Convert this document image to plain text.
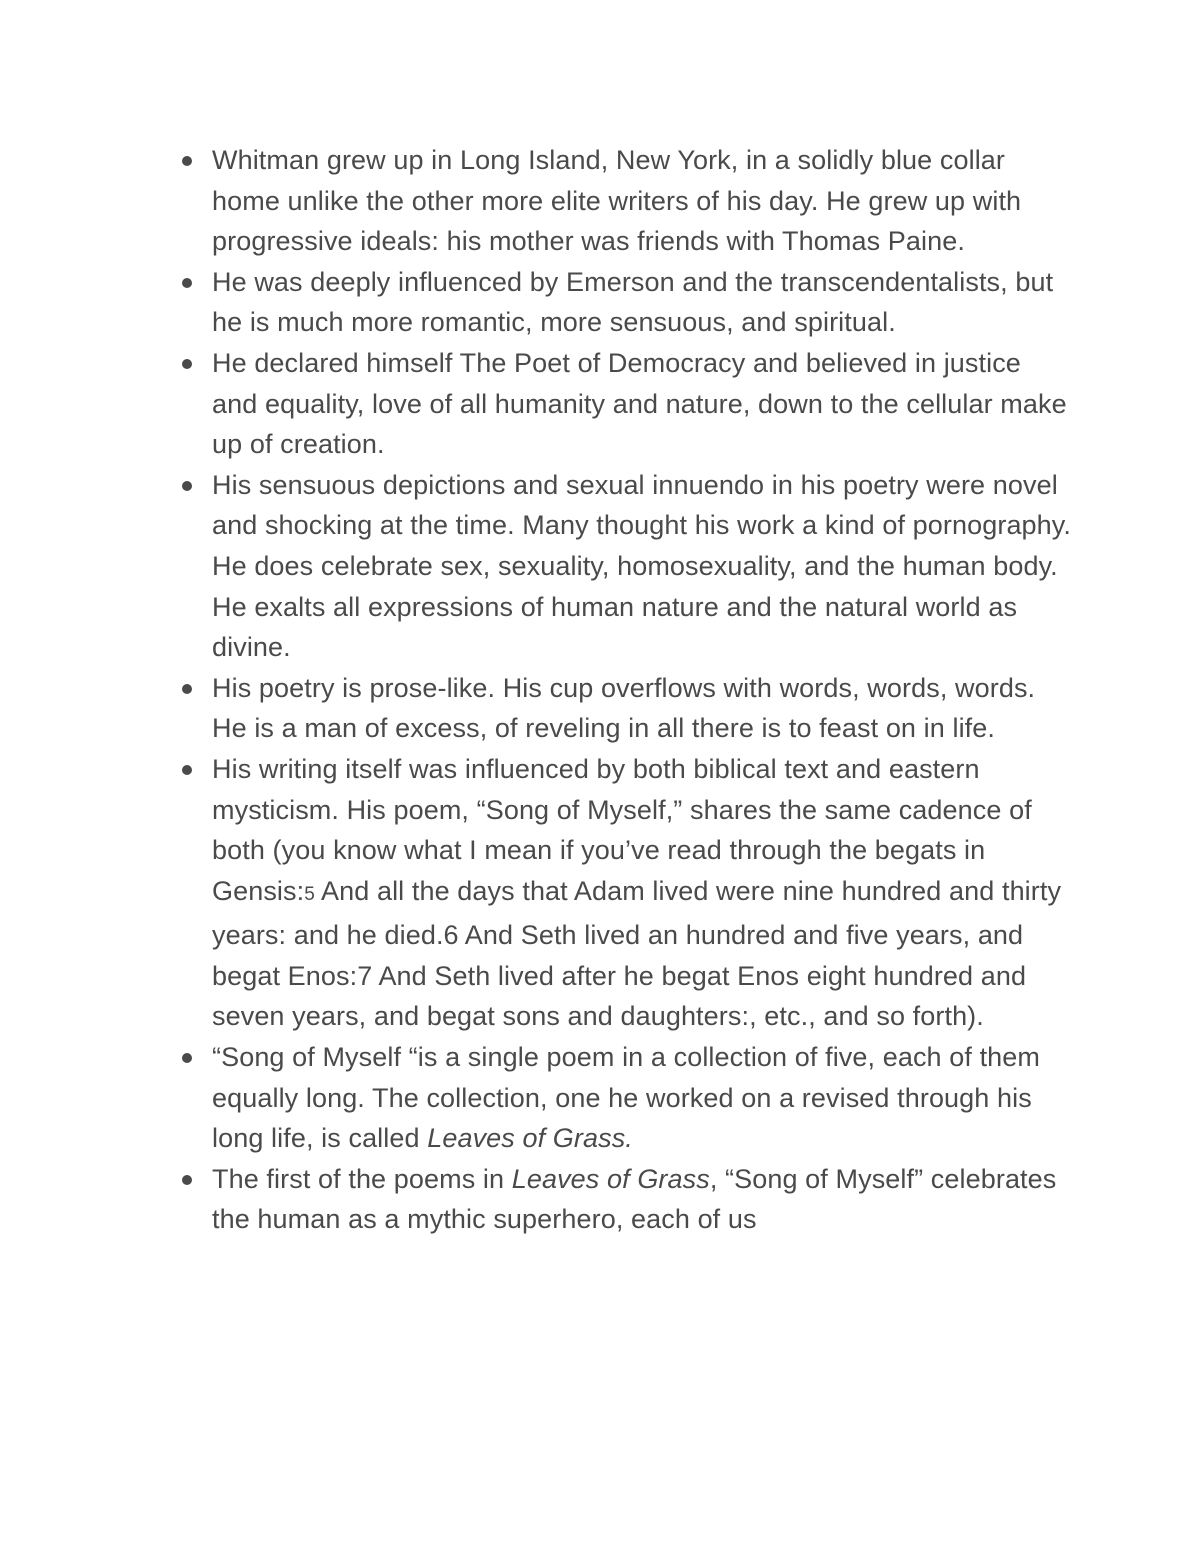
Whitman grew up in Long Island, New York, in a solidly blue collar home unlike the other more elite writers of his day. He grew up with progressive ideals: his mother was friends with Thomas Paine.
He was deeply influenced by Emerson and the transcendentalists, but he is much more romantic, more sensuous, and spiritual.
He declared himself The Poet of Democracy and believed in justice and equality, love of all humanity and nature, down to the cellular make up of creation.
His sensuous depictions and sexual innuendo in his poetry were novel and shocking at the time. Many thought his work a kind of pornography. He does celebrate sex, sexuality, homosexuality, and the human body. He exalts all expressions of human nature and the natural world as divine.
His poetry is prose-like. His cup overflows with words, words, words. He is a man of excess, of reveling in all there is to feast on in life.
His writing itself was influenced by both biblical text and eastern mysticism. His poem, “Song of Myself,” shares the same cadence of both (you know what I mean if you’ve read through the begats in Gensis:5 And all the days that Adam lived were nine hundred and thirty years: and he died.6 And Seth lived an hundred and five years, and begat Enos:7 And Seth lived after he begat Enos eight hundred and seven years, and begat sons and daughters:, etc., and so forth).
“Song of Myself “is a single poem in a collection of five, each of them equally long. The collection, one he worked on a revised through his long life, is called Leaves of Grass.
The first of the poems in Leaves of Grass, “Song of Myself” celebrates the human as a mythic superhero, each of us
